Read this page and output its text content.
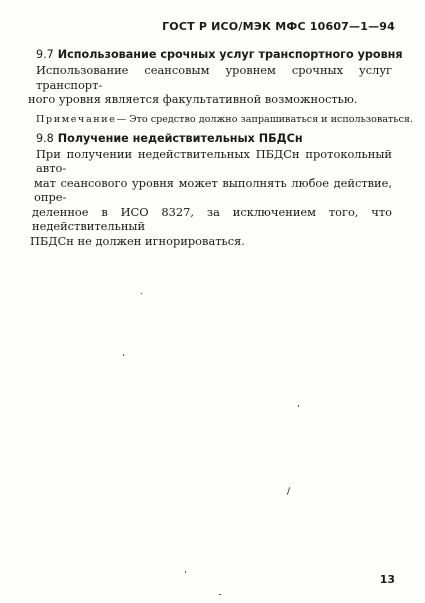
ГОСТ Р ИСО/МЭК МФС 10607—1—94
9.7 Использование срочных услуг транспортного уровня
Использование сеансовым уровнем срочных услуг транспорт-
ного уровня является факультативной возможностью.
Примечание— Это средство должно запрашиваться и использоваться.
9.8 Получение недействительных ПБДСн
При получении недействительных ПБДСн протокольный авто-
мат сеансового уровня может выполнять любое действие, опре-
деленное в ИСО 8327, за исключением того, что недействительный
ПБДСн не должен игнорироваться.
13
